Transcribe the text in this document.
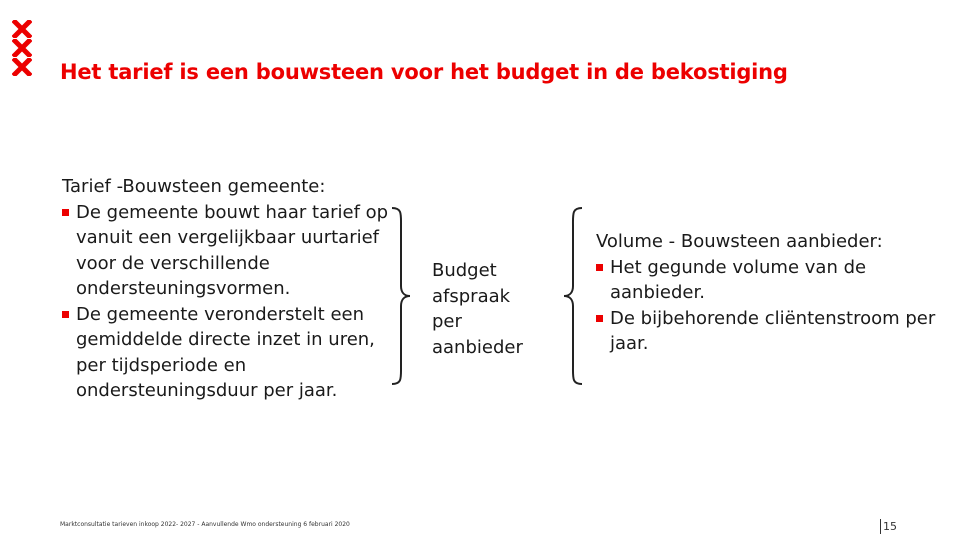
Het tarief is een bouwsteen voor het budget in de bekostiging
Tarief -Bouwsteen gemeente:
De gemeente bouwt haar tarief op vanuit een vergelijkbaar uurtarief voor de verschillende ondersteuningsvormen.
De gemeente veronderstelt een gemiddelde directe inzet in uren, per tijdsperiode en ondersteuningsduur per jaar.
Budget
afspraak
per
aanbieder
Volume - Bouwsteen aanbieder:
Het gegunde volume van de aanbieder.
De bijbehorende cliëntenstroom per jaar.
Marktconsultatie tarieven inkoop 2022- 2027 - Aanvullende Wmo ondersteuning 6 februari 2020	15
